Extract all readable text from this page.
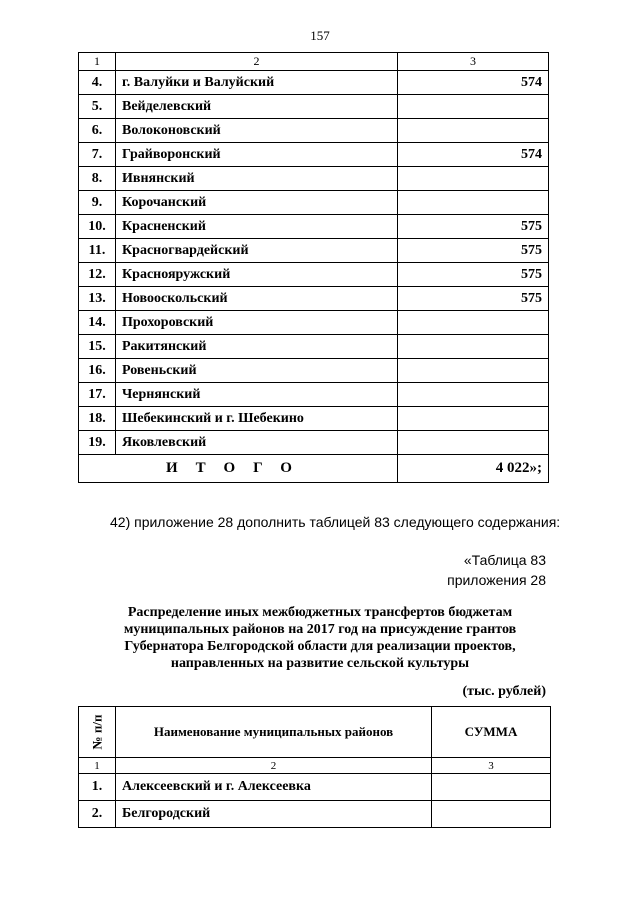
157
1	2	3
4.	г. Валуйки и Валуйский	574
5.	Вейделевский	
6.	Волоконовский	
7.	Грайворонский	574
8.	Ивнянский	
9.	Корочанский	
10.	Красненский	575
11.	Красногвардейский	575
12.	Краснояружский	575
13.	Новооскольский	575
14.	Прохоровский	
15.	Ракитянский	
16.	Ровеньский	
17.	Чернянский	
18.	Шебекинский и г. Шебекино	
19.	Яковлевский	
ИТОГО		4 022»;
42) приложение 28 дополнить таблицей 83 следующего содержания:
«Таблица 83
приложения 28
Распределение иных межбюджетных трансфертов бюджетам
муниципальных районов на 2017 год на присуждение грантов
Губернатора Белгородской области для реализации проектов,
направленных на развитие сельской культуры
(тыс. рублей)
№ п/п	Наименование муниципальных районов	СУММА
1	2	3
1.	Алексеевский и г. Алексеевка	
2.	Белгородский	
